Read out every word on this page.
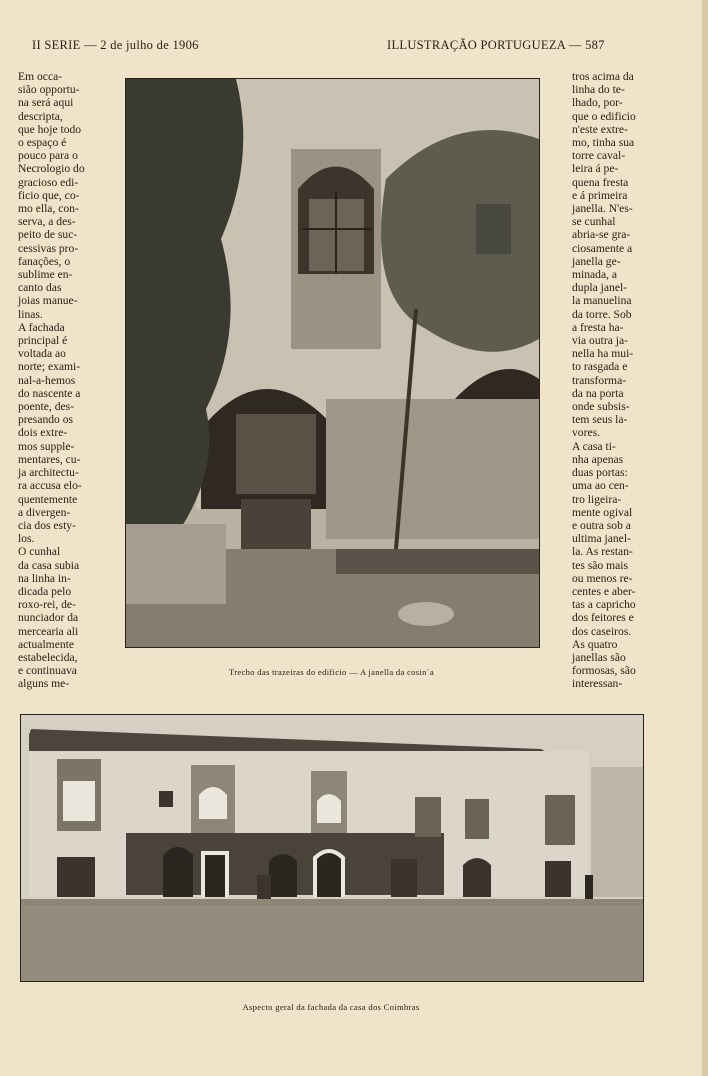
II SERIE — 2 de julho de 1906	ILLUSTRAÇÃO PORTUGUEZA — 587
Em occa-
sião opportu-
na será aqui
descripta,
que hoje todo
o espaço é
pouco para o
Necrologio do
gracioso edi-
ficio que, co-
mo ella, con-
serva, a des-
peito de suc-
cessivas pro-
fanações, o
sublime en-
canto das
joias manue-
linas.
A fachada
principal é
voltada ao
norte; exami-
nal-a-hemos
do nascente a
poente, des-
presando os
dois extre-
mos supple-
mentares, cu-
ja architectu-
ra accusa elo-
quentemente
a divergen-
cia dos esty-
los.
O cunhal
da casa subia
na linha in-
dicada pelo
roxo-rei, de-
nunciador da
mercearia ali
actualmente
estabelecida,
e continuava
alguns me-
tros acima da
linha do te-
lhado, por-
que o edificio
n'este extre-
mo, tinha sua
torre caval-
leira á pe-
quena fresta
e á primeira
janella. N'es-
se cunhal
abria-se gra-
ciosamente a
janella ge-
minada, a
dupla janel-
la manuelina
da torre. Sob
a fresta ha-
via outra ja-
nella ha mui-
to rasgada e
transforma-
da na porta
onde subsis-
tem seus la-
vores.
A casa ti-
nha apenas
duas portas:
uma ao cen-
tro ligeira-
mente ogival
e outra sob a
ultima janel-
la. As restan-
tes são mais
ou menos re-
centes e aber-
tas a capricho
dos feitores e
dos caseiros.
As quatro
janellas são
formosas, são
interessan-
Trecho das trazeiras do edificio — A janella da cosin`a
Aspecto geral da fachada da casa dos Coimbras
